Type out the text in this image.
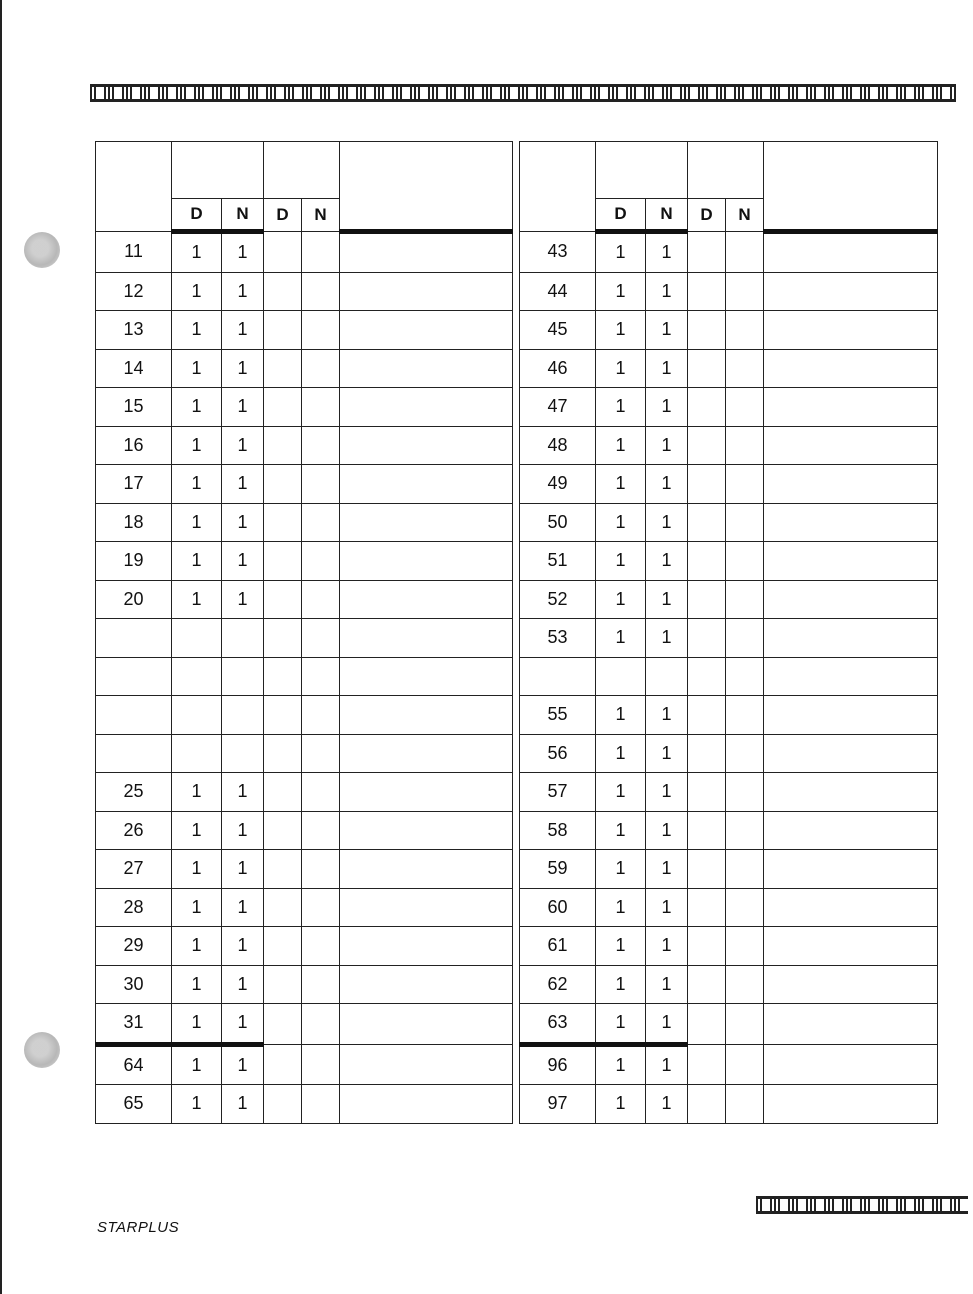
	D	N	D	N	
11	1	1			
12	1	1			
13	1	1			
14	1	1			
15	1	1			
16	1	1			
17	1	1			
18	1	1			
19	1	1			
20	1	1			

25	1	1			
26	1	1			
27	1	1			
28	1	1			
29	1	1			
30	1	1			
31	1	1			
64	1	1			
65	1	1			

	D	N	D	N	
43	1	1			
44	1	1			
45	1	1			
46	1	1			
47	1	1			
48	1	1			
49	1	1			
50	1	1			
51	1	1			
52	1	1			
53	1	1			

55	1	1			
56	1	1			
57	1	1			
58	1	1			
59	1	1			
60	1	1			
61	1	1			
62	1	1			
63	1	1			
96	1	1			
97	1	1			
STARPLUS
